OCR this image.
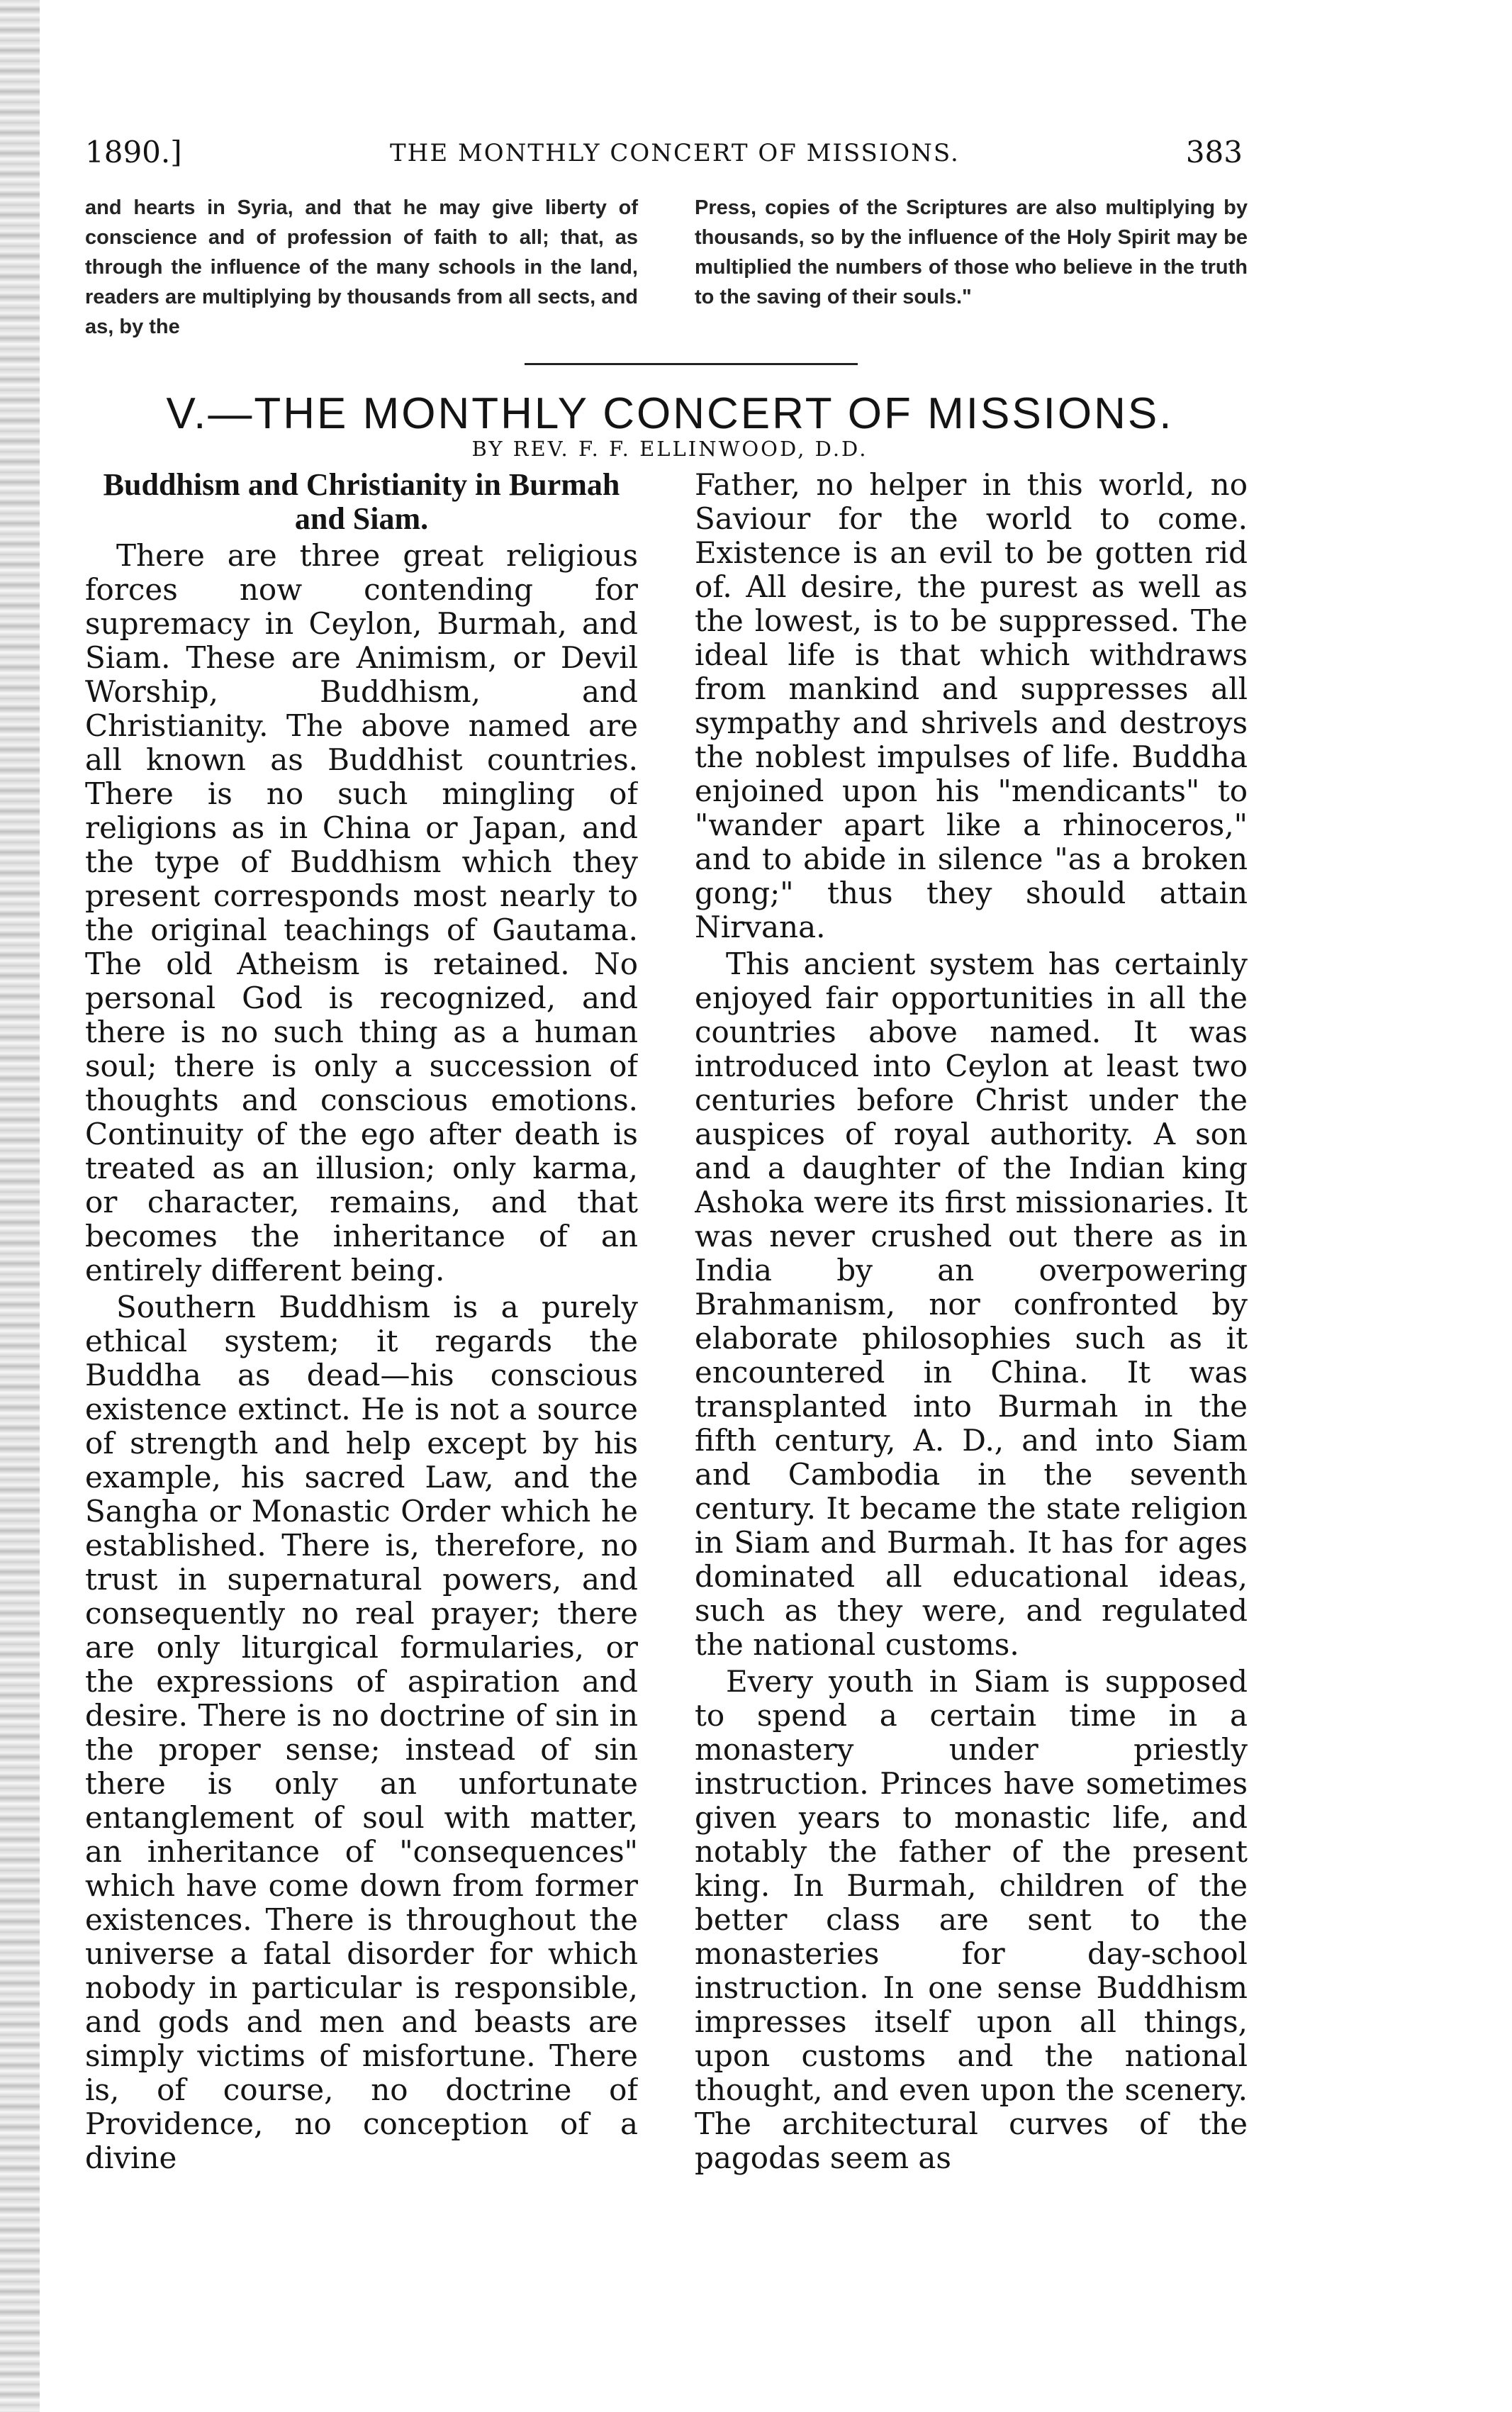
1890.]	THE MONTHLY CONCERT OF MISSIONS.	383
and hearts in Syria, and that he may give liberty of conscience and of profession of faith to all; that, as through the influence of the many schools in the land, readers are multiplying by thousands from all sects, and as, by the
Press, copies of the Scriptures are also multiplying by thousands, so by the influence of the Holy Spirit may be multiplied the numbers of those who believe in the truth to the saving of their souls."
V.—THE MONTHLY CONCERT OF MISSIONS.
BY REV. F. F. ELLINWOOD, D.D.
Buddhism and Christianity in Burmah and Siam.

There are three great religious forces now contending for supremacy in Ceylon, Burmah, and Siam. These are Animism, or Devil Worship, Buddhism, and Christianity. The above named are all known as Buddhist countries. There is no such mingling of religions as in China or Japan, and the type of Buddhism which they present corresponds most nearly to the original teachings of Gautama. The old Atheism is retained. No personal God is recognized, and there is no such thing as a human soul; there is only a succession of thoughts and conscious emotions. Continuity of the ego after death is treated as an illusion; only karma, or character, remains, and that becomes the inheritance of an entirely different being.

Southern Buddhism is a purely ethical system; it regards the Buddha as dead—his conscious existence extinct. He is not a source of strength and help except by his example, his sacred Law, and the Sangha or Monastic Order which he established. There is, therefore, no trust in supernatural powers, and consequently no real prayer; there are only liturgical formularies, or the expressions of aspiration and desire. There is no doctrine of sin in the proper sense; instead of sin there is only an unfortunate entanglement of soul with matter, an inheritance of "consequences" which have come down from former existences. There is throughout the universe a fatal disorder for which nobody in particular is responsible, and gods and men and beasts are simply victims of misfortune. There is, of course, no doctrine of Providence, no conception of a divine

Father, no helper in this world, no Saviour for the world to come. Existence is an evil to be gotten rid of. All desire, the purest as well as the lowest, is to be suppressed. The ideal life is that which withdraws from mankind and suppresses all sympathy and shrivels and destroys the noblest impulses of life. Buddha enjoined upon his "mendicants" to "wander apart like a rhinoceros," and to abide in silence "as a broken gong;" thus they should attain Nirvana.

This ancient system has certainly enjoyed fair opportunities in all the countries above named. It was introduced into Ceylon at least two centuries before Christ under the auspices of royal authority. A son and a daughter of the Indian king Ashoka were its first missionaries. It was never crushed out there as in India by an overpowering Brahmanism, nor confronted by elaborate philosophies such as it encountered in China. It was transplanted into Burmah in the fifth century, A. D., and into Siam and Cambodia in the seventh century. It became the state religion in Siam and Burmah. It has for ages dominated all educational ideas, such as they were, and regulated the national customs.

Every youth in Siam is supposed to spend a certain time in a monastery under priestly instruction. Princes have sometimes given years to monastic life, and notably the father of the present king. In Burmah, children of the better class are sent to the monasteries for day-school instruction. In one sense Buddhism impresses itself upon all things, upon customs and the national thought, and even upon the scenery. The architectural curves of the pagodas seem as
